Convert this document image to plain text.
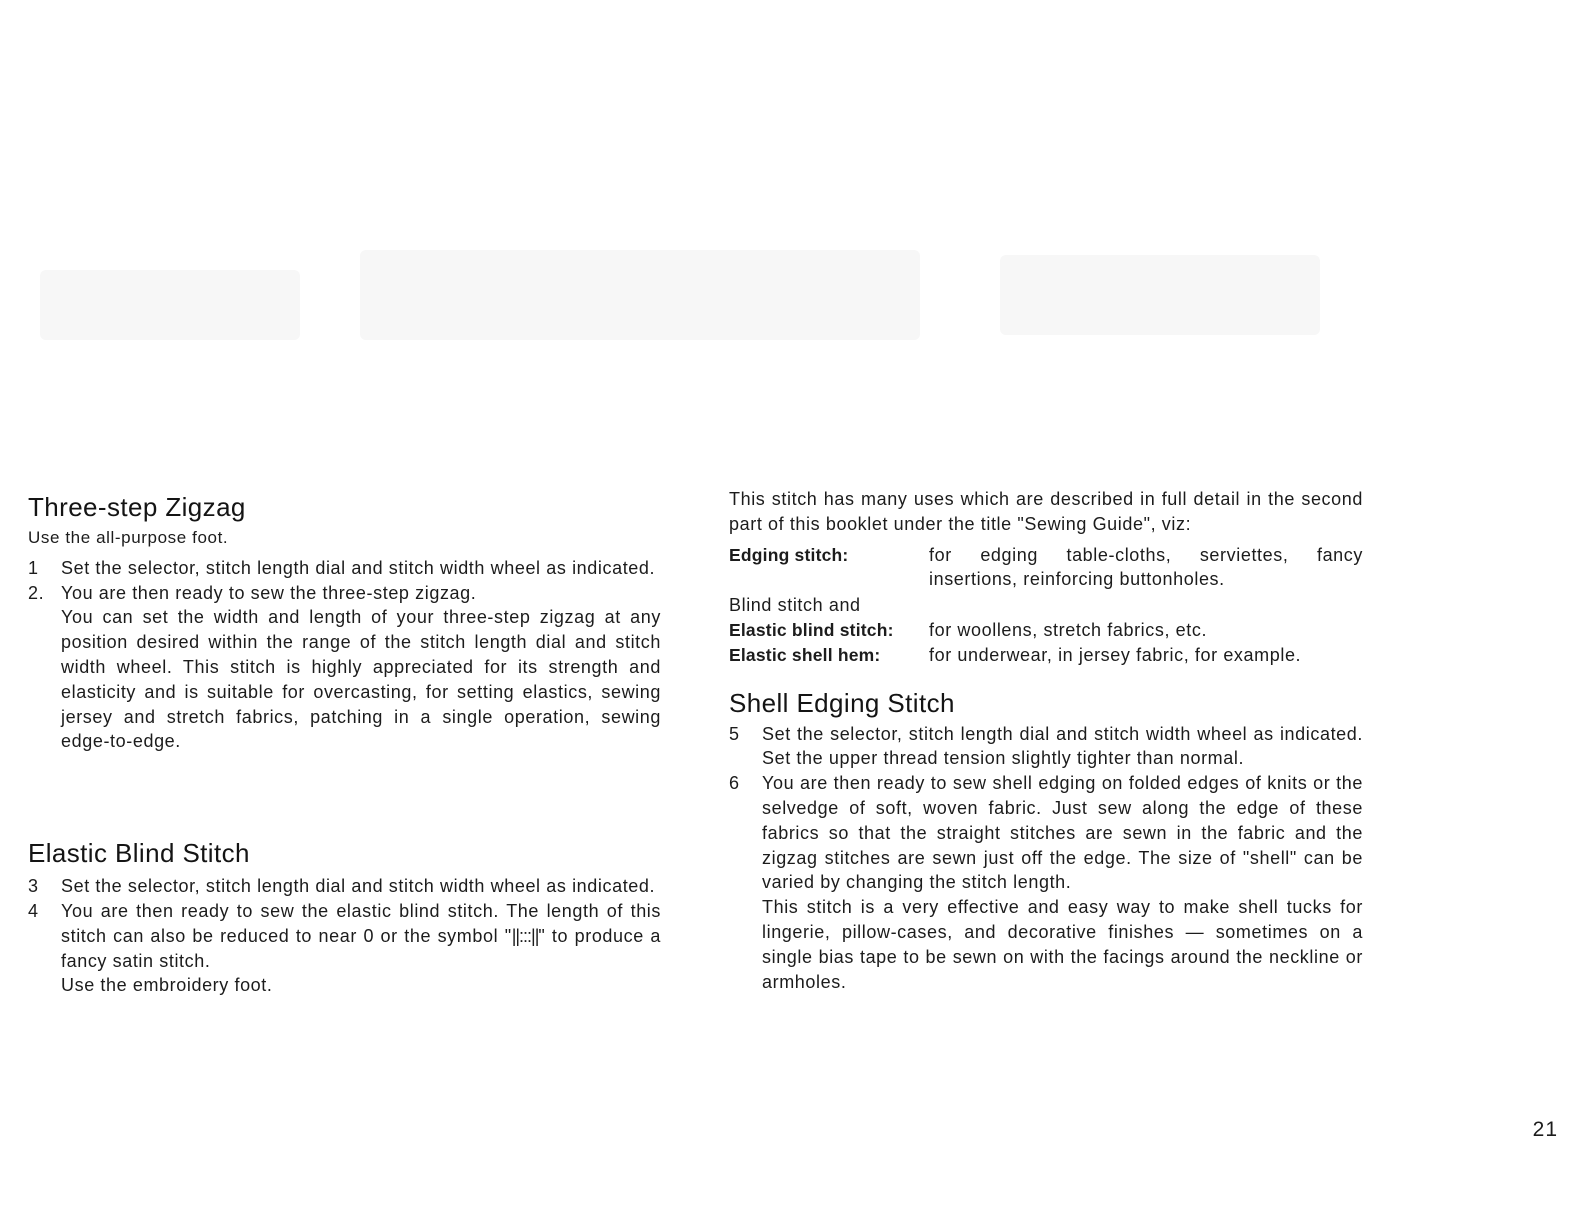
Three-step Zigzag

Use the all-purpose foot.

1	Set the selector, stitch length dial and stitch width wheel as indicated.
2. You are then ready to sew the three-step zigzag.

You can set the width and length of your three-step zigzag at any position desired within the range of the stitch length dial and stitch width wheel. This stitch is highly appreciated for its strength and elasticity and is suitable for overcasting, for setting elastics, sewing jersey and stretch fabrics, patching in a single operation, sewing edge-to-edge.

Elastic Blind Stitch
3	Set the selector, stitch length dial and stitch width wheel as indicated.
4	You are then ready to sew the elastic blind stitch. The length of this stitch can also be reduced to near 0 or the symbol "||:::||" to produce a fancy satin stitch.

Use the embroidery foot.

This stitch has many uses which are described in full detail in the second part of this booklet under the title "Sewing Guide", viz:

Edging stitch:	for edging table-cloths, serviettes, fancy insertions, reinforcing buttonholes.
Blind stitch and
Elastic blind stitch:	for woollens, stretch fabrics, etc.
Elastic shell hem:	for underwear, in jersey fabric, for example.
Shell Edging Stitch
5	Set the selector, stitch length dial and stitch width wheel as indicated. Set the upper thread tension slightly tighter than normal.
6	You are then ready to sew shell edging on folded edges of knits or the selvedge of soft, woven fabric. Just sew along the edge of these fabrics so that the straight stitches are sewn in the fabric and the zigzag stitches are sewn just off the edge. The size of "shell" can be varied by changing the stitch length.

This stitch is a very effective and easy way to make shell tucks for lingerie, pillow-cases, and decorative finishes — sometimes on a single bias tape to be sewn on with the facings around the neckline or armholes.

21
